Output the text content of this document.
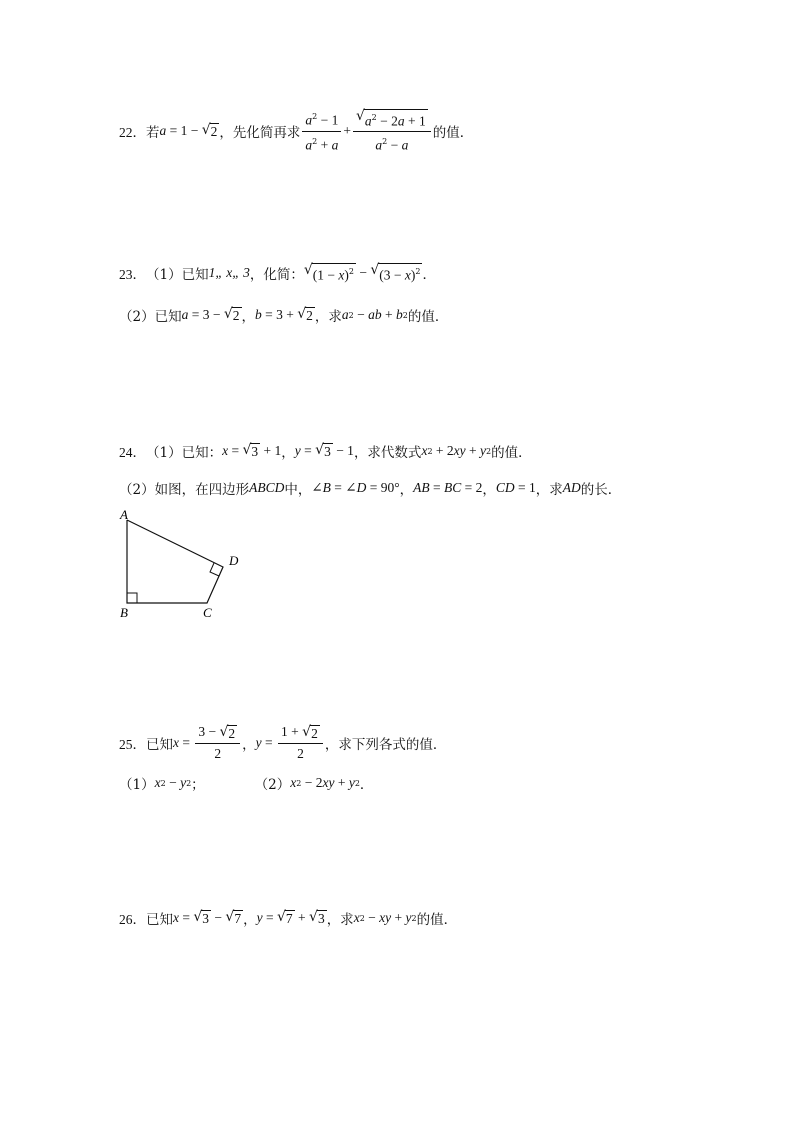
22． 若 a = 1 − √ 2 ，先化简再求 $\frac{a^2 - 1}{a^2 + a} + \frac{√ a^2 - 2a + 1}{a^2 - a}$ 的值．
23． （1）已知 1„ x„ 3 ，化简： √ $(1 - x)^2$ − √ $(3 - x)^2$ ．
（2）已知 a = 3 − √ 2 ， b = 3 + √ 2 ，求 a 2 − ab + b 2 的值．
24． （1）已知： x = √ 3 + 1 ， y = √ 3 − 1 ，求代数式 x 2 + 2 xy + y 2 的值．
（2）如图，在四边形 ABCD 中， ∠ B = ∠ D = 90° ， AB = BC = 2 ， CD = 1 ，求 AD 的长．
A
B	C
D
25． 已知 $x = \frac{3 - √ 2}{2}$ ， $y = \frac{1 + √ 2}{2}$ ，求下列各式的值．
（1） x 2 − y 2 ；	（2） x 2 − 2 xy + y 2 ．
26． 已知 x = √ 3 − √ 7 ， y = √ 7 + √ 3 ，求 x 2 − xy + y 2 的值．
